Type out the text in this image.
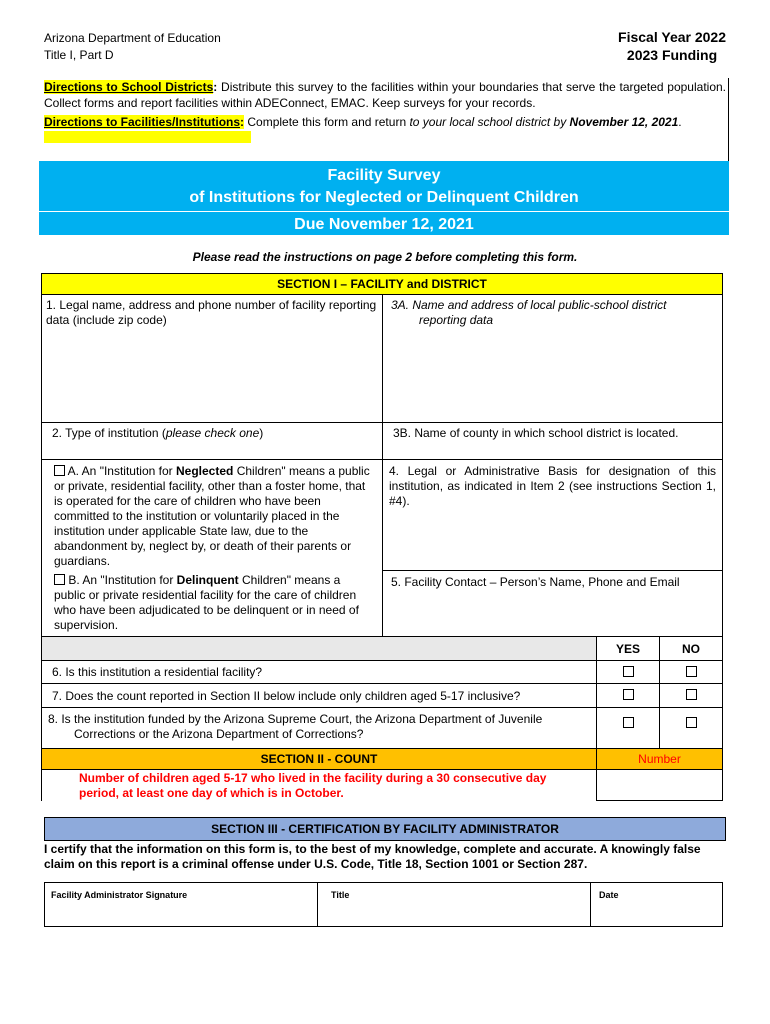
Arizona Department of Education
Title I, Part D
Fiscal Year 2022
2023 Funding
Directions to School Districts: Distribute this survey to the facilities within your boundaries that serve the targeted population. Collect forms and report facilities within ADEConnect, EMAC. Keep surveys for your records.
Directions to Facilities/Institutions: Complete this form and return to your local school district by November 12, 2021.
Facility Survey
of Institutions for Neglected or Delinquent Children
Due November 12, 2021
Please read the instructions on page 2 before completing this form.
SECTION I – FACILITY and DISTRICT
1. Legal name, address and phone number of facility reporting data (include zip code)
3A. Name and address of local public-school district
reporting data
2. Type of institution (please check one)	3B. Name of county in which school district is located.
A. An "Institution for Neglected Children" means a public or private, residential facility, other than a foster home, that is operated for the care of children who have been committed to the institution or voluntarily placed in the institution under applicable State law, due to the abandonment by, neglect by, or death of their parents or guardians.
4. Legal or Administrative Basis for designation of this institution, as indicated in Item 2 (see instructions Section 1, #4).
B. An "Institution for Delinquent Children" means a public or private residential facility for the care of children who have been adjudicated to be delinquent or in need of supervision.
5. Facility Contact – Person’s Name, Phone and Email
YES	NO
6. Is this institution a residential facility?
7. Does the count reported in Section II below include only children aged 5-17 inclusive?
8. Is the institution funded by the Arizona Supreme Court, the Arizona Department of Juvenile
Corrections or the Arizona Department of Corrections?
SECTION II - COUNT	Number
Number of children aged 5-17 who lived in the facility during a 30 consecutive day period, at least one day of which is in October.
SECTION III - CERTIFICATION BY FACILITY ADMINISTRATOR
I certify that the information on this form is, to the best of my knowledge, complete and accurate. A knowingly false claim on this report is a criminal offense under U.S. Code, Title 18, Section 1001 or Section 287.
Facility Administrator Signature	Title	Date
